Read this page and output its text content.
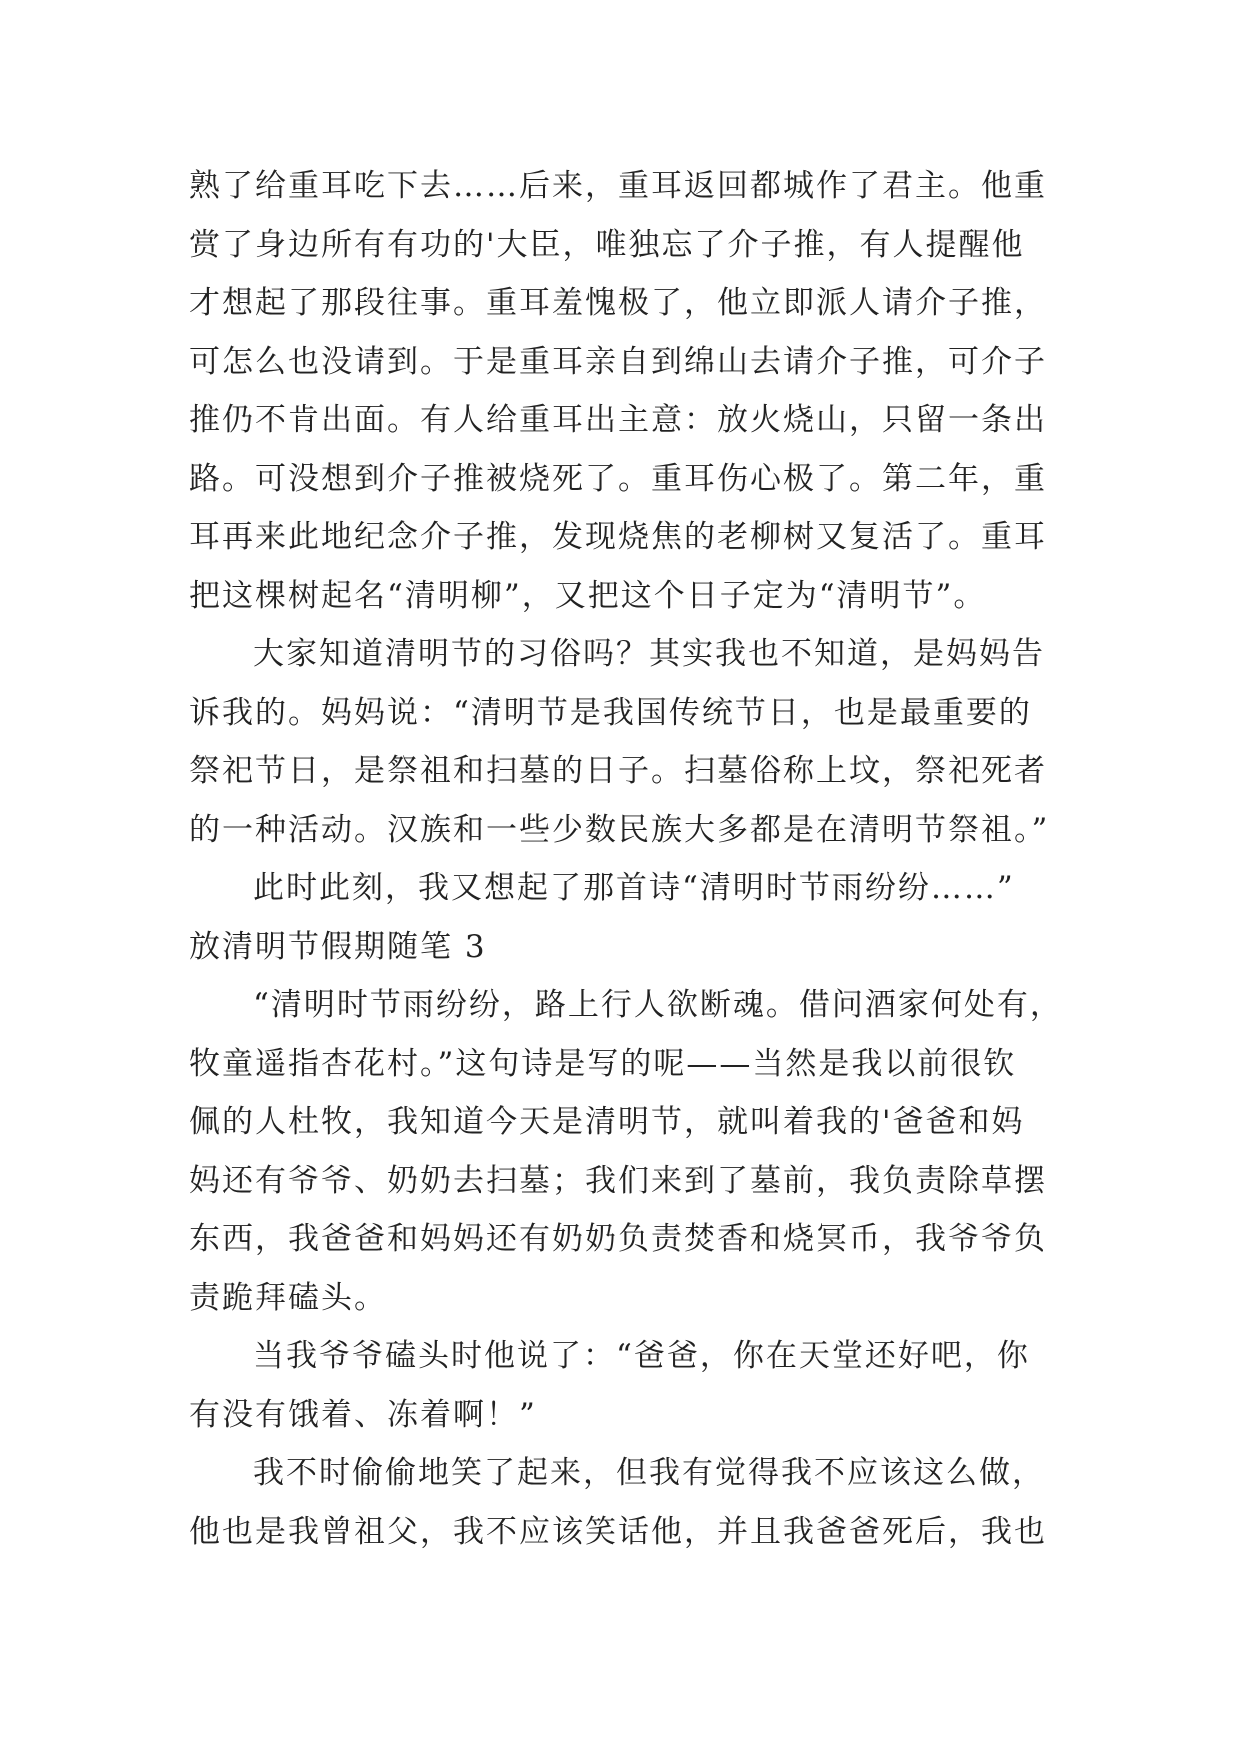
熟了给重耳吃下去……后来，重耳返回都城作了君主。他重
赏了身边所有有功的'大臣，唯独忘了介子推，有人提醒他
才想起了那段往事。重耳羞愧极了，他立即派人请介子推，
可怎么也没请到。于是重耳亲自到绵山去请介子推，可介子
推仍不肯出面。有人给重耳出主意：放火烧山，只留一条出
路。可没想到介子推被烧死了。重耳伤心极了。第二年，重
耳再来此地纪念介子推，发现烧焦的老柳树又复活了。重耳
把这棵树起名“清明柳”，又把这个日子定为“清明节”。
大家知道清明节的习俗吗？其实我也不知道，是妈妈告
诉我的。妈妈说：“清明节是我国传统节日，也是最重要的
祭祀节日，是祭祖和扫墓的日子。扫墓俗称上坟，祭祀死者
的一种活动。汉族和一些少数民族大多都是在清明节祭祖。”
此时此刻，我又想起了那首诗“清明时节雨纷纷……”
放清明节假期随笔 3
“清明时节雨纷纷，路上行人欲断魂。借问酒家何处有，
牧童遥指杏花村。”这句诗是写的呢——当然是我以前很钦
佩的人杜牧，我知道今天是清明节，就叫着我的'爸爸和妈
妈还有爷爷、奶奶去扫墓；我们来到了墓前，我负责除草摆
东西，我爸爸和妈妈还有奶奶负责焚香和烧冥币，我爷爷负
责跪拜磕头。
当我爷爷磕头时他说了：“爸爸，你在天堂还好吧，你
有没有饿着、冻着啊！”
我不时偷偷地笑了起来，但我有觉得我不应该这么做，
他也是我曾祖父，我不应该笑话他，并且我爸爸死后，我也
